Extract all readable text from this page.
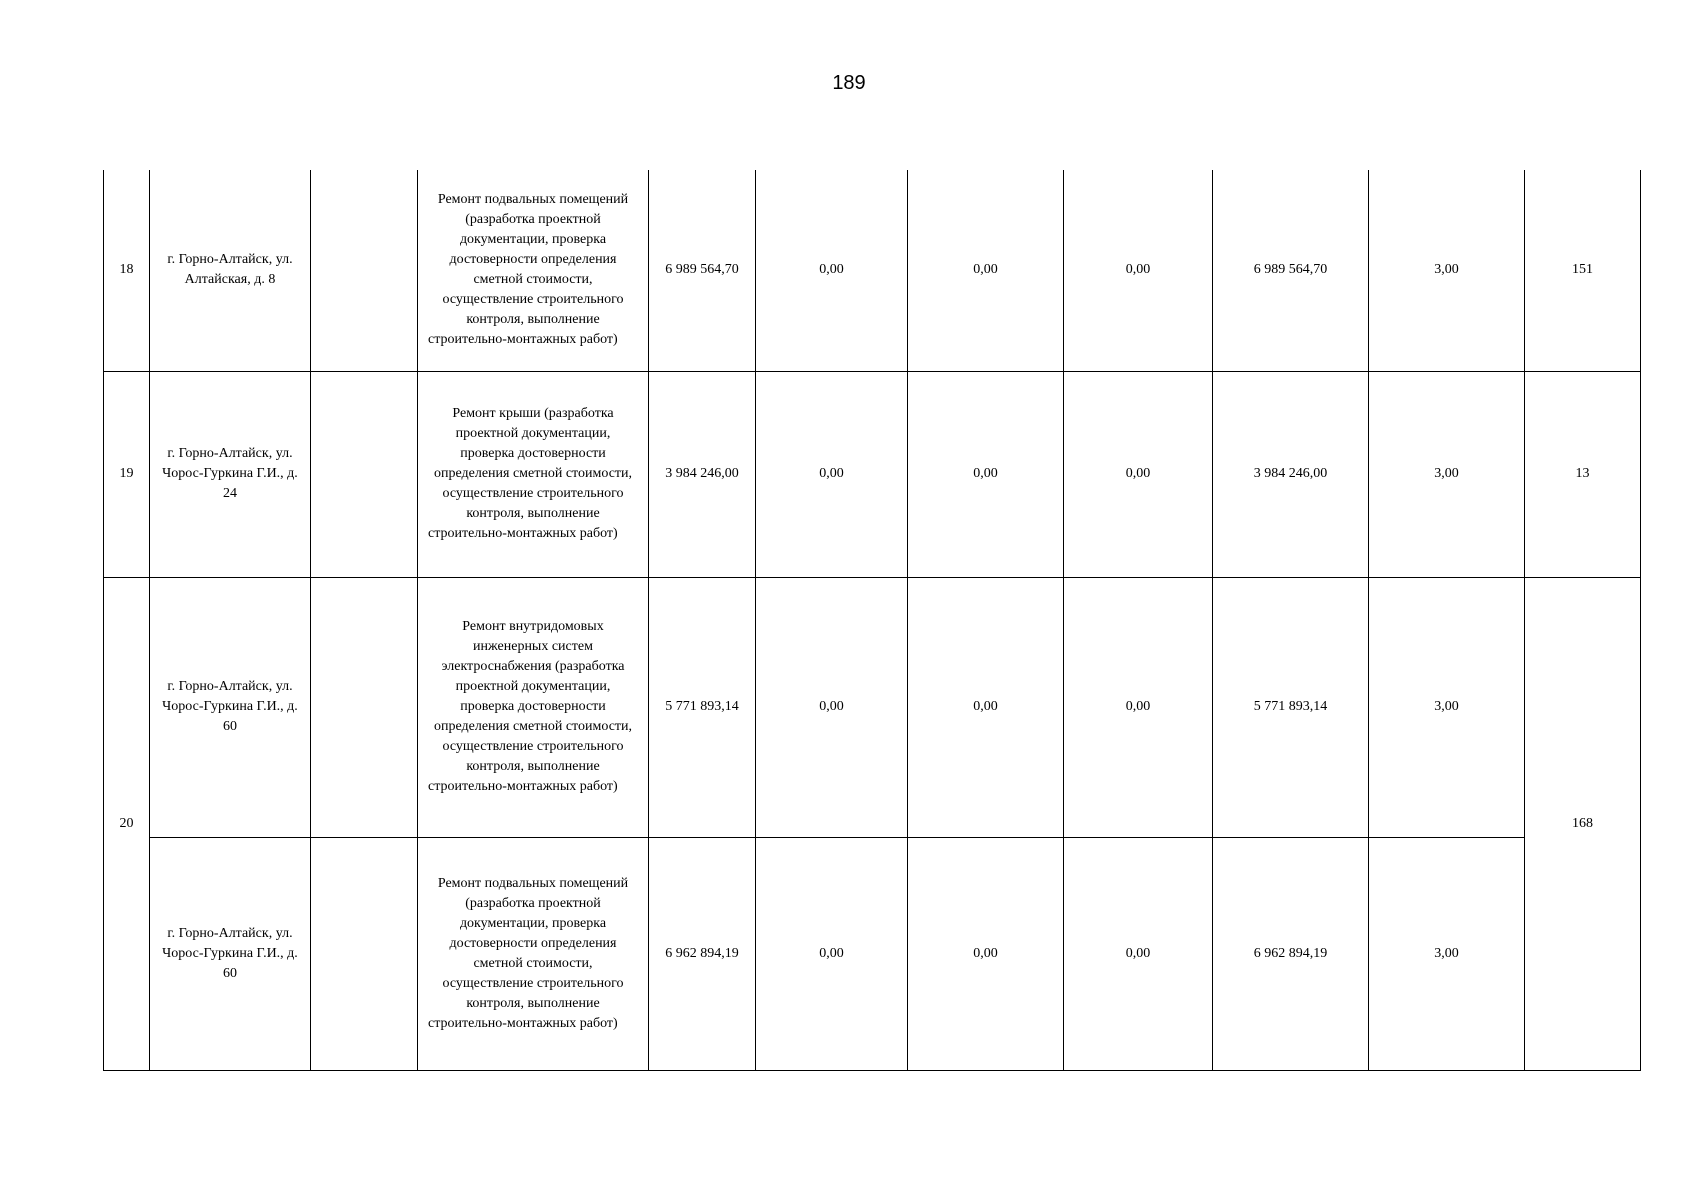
189
18	г. Горно-Алтайск, ул. Алтайская, д. 8		Ремонт подвальных помещений (разработка проектной документации, проверка достоверности определения сметной стоимости, осуществление строительного контроля, выполнение строительно-монтажных работ)	6 989 564,70	0,00	0,00	0,00	6 989 564,70	3,00	151
19	г. Горно-Алтайск, ул. Чорос-Гуркина Г.И., д. 24		Ремонт крыши (разработка проектной документации, проверка достоверности определения сметной стоимости, осуществление строительного контроля, выполнение строительно-монтажных работ)	3 984 246,00	0,00	0,00	0,00	3 984 246,00	3,00	13
20	г. Горно-Алтайск, ул. Чорос-Гуркина Г.И., д. 60		Ремонт внутридомовых инженерных систем электроснабжения (разработка проектной документации, проверка достоверности определения сметной стоимости, осуществление строительного контроля, выполнение строительно-монтажных работ)	5 771 893,14	0,00	0,00	0,00	5 771 893,14	3,00	168
	г. Горно-Алтайск, ул. Чорос-Гуркина Г.И., д. 60		Ремонт подвальных помещений (разработка проектной документации, проверка достоверности определения сметной стоимости, осуществление строительного контроля, выполнение строительно-монтажных работ)	6 962 894,19	0,00	0,00	0,00	6 962 894,19	3,00	
